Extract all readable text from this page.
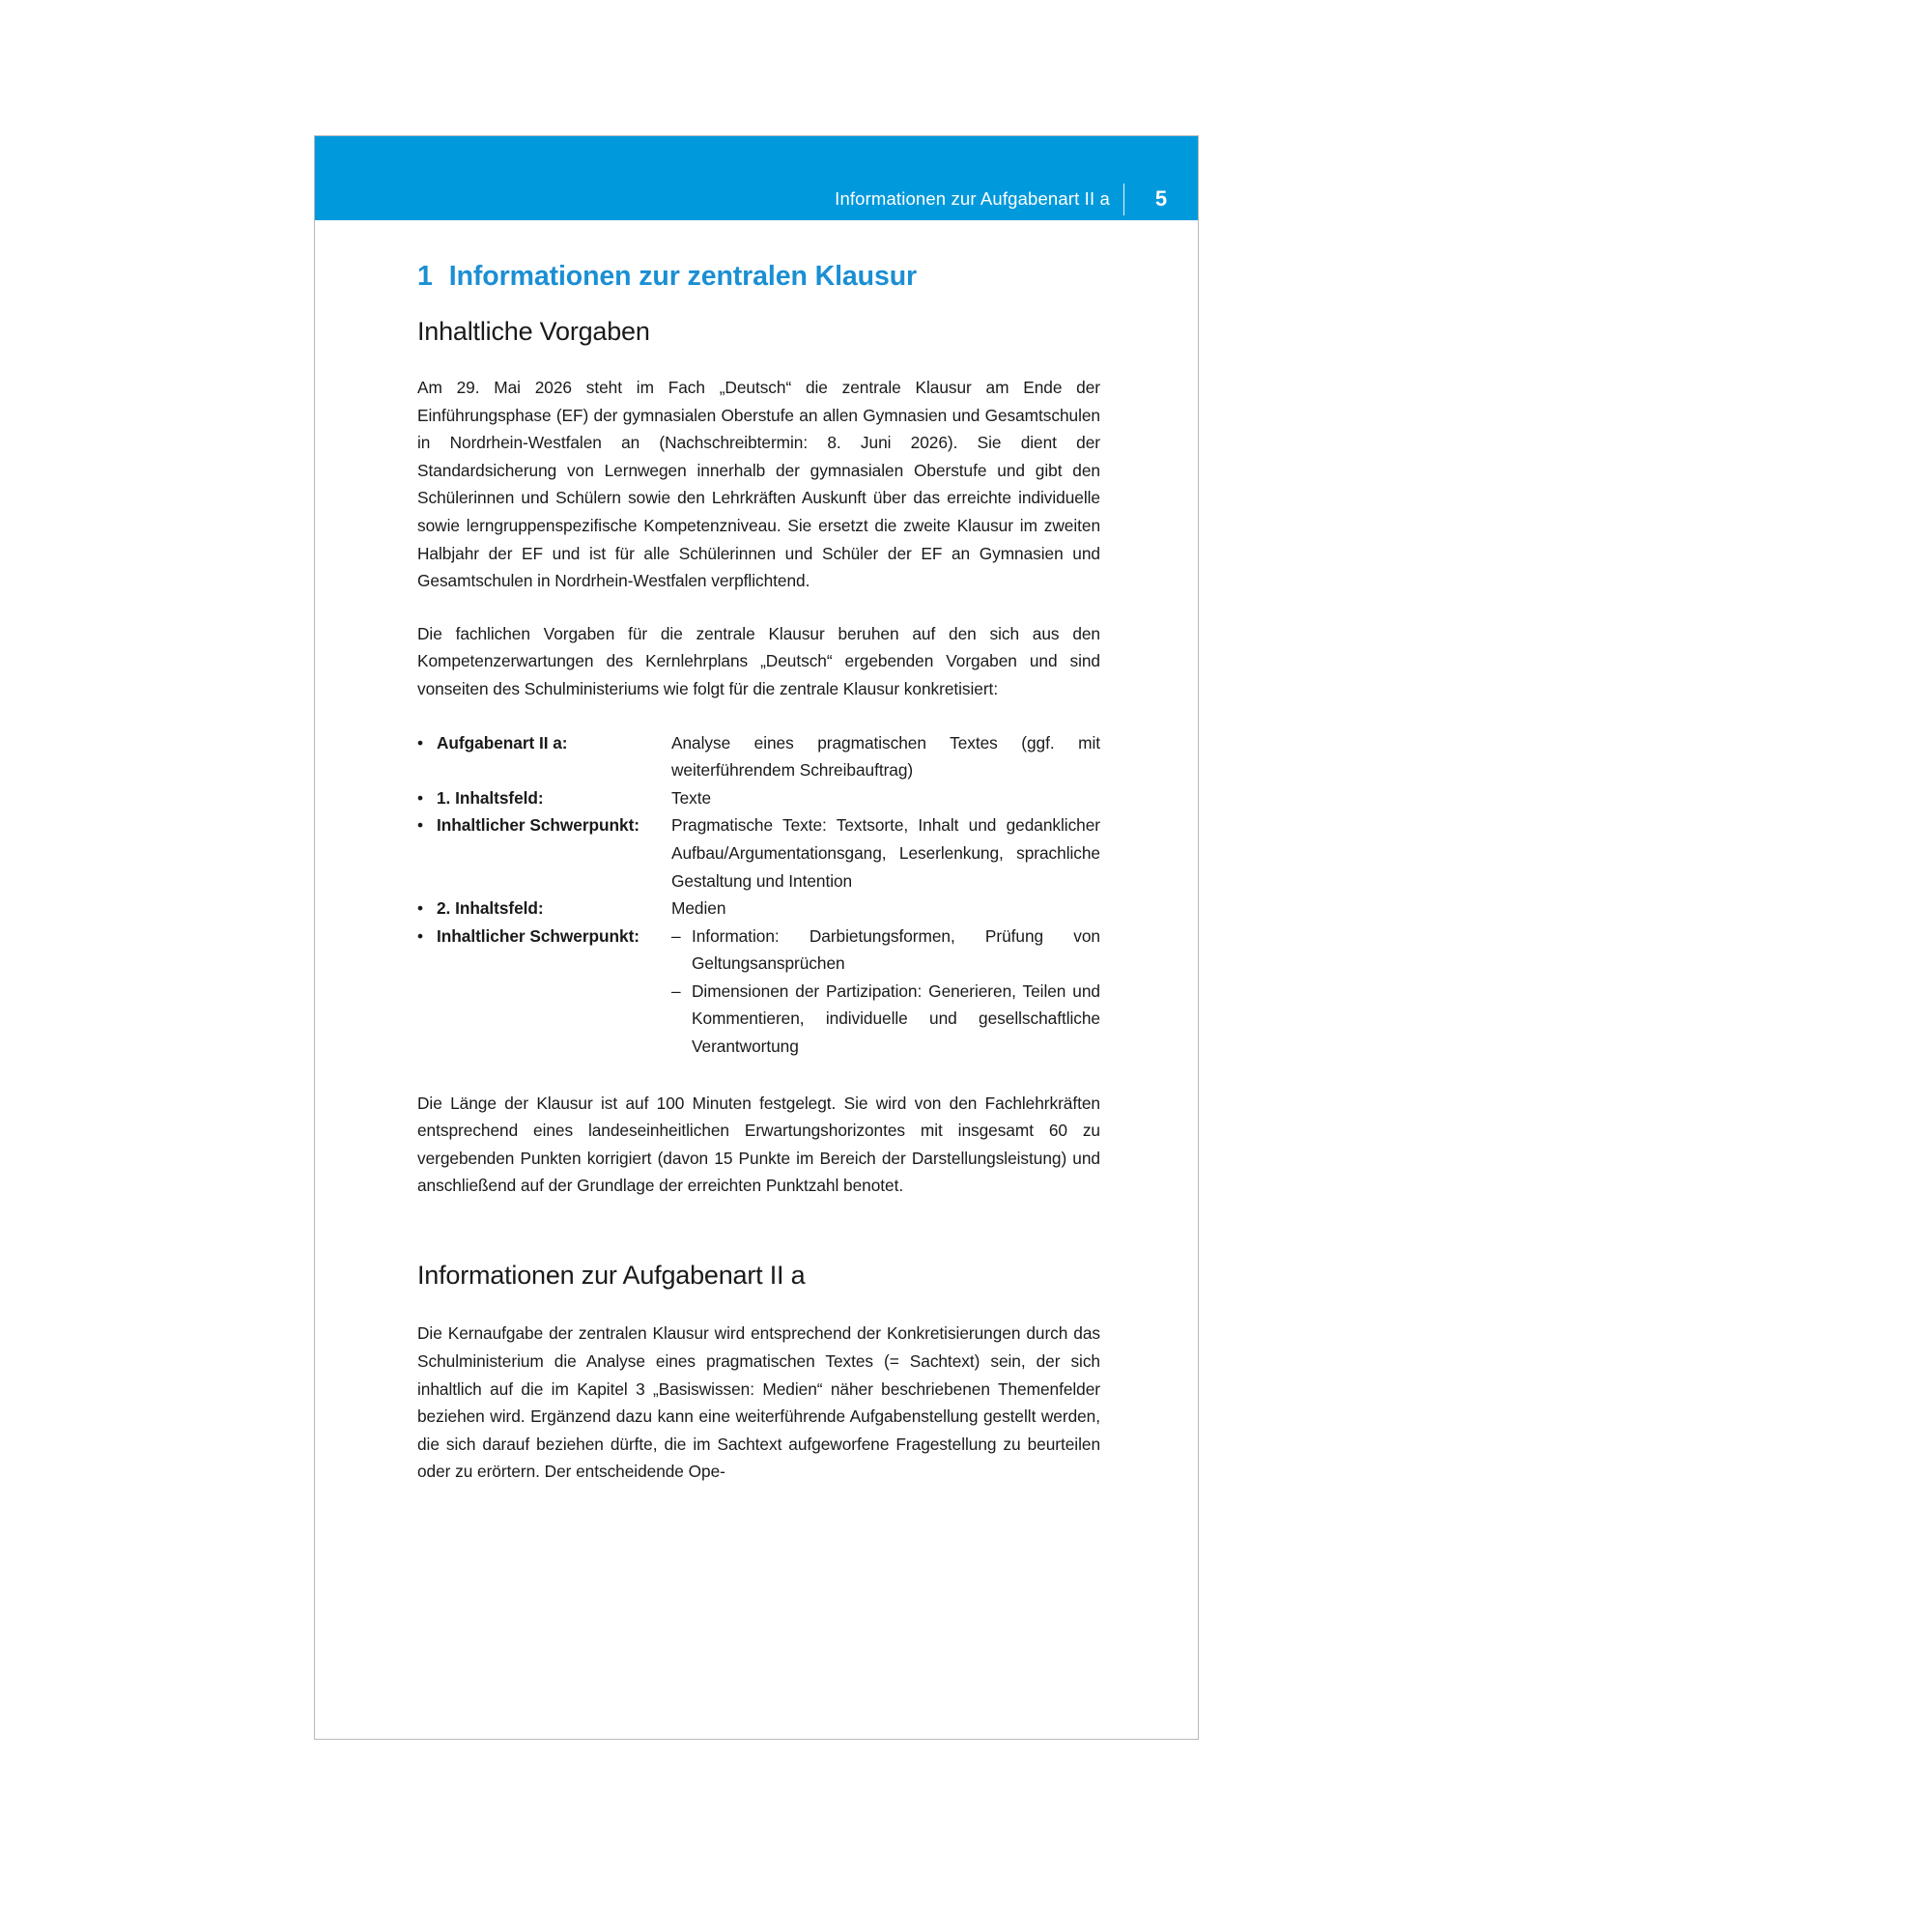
Informationen zur Aufgabenart II a	5
1 Informationen zur zentralen Klausur
Inhaltliche Vorgaben

Am 29. Mai 2026 steht im Fach „Deutsch“ die zentrale Klausur am Ende der Einführungsphase (EF) der gymnasialen Oberstufe an allen Gymnasien und Gesamtschulen in Nordrhein-Westfalen an (Nachschreibtermin: 8. Juni 2026). Sie dient der Standardsicherung von Lernwegen innerhalb der gymnasialen Oberstufe und gibt den Schülerinnen und Schülern sowie den Lehrkräften Auskunft über das erreichte individuelle sowie lerngruppenspezifische Kompetenzniveau. Sie ersetzt die zweite Klausur im zweiten Halbjahr der EF und ist für alle Schülerinnen und Schüler der EF an Gymnasien und Gesamtschulen in Nordrhein-Westfalen verpflichtend.

Die fachlichen Vorgaben für die zentrale Klausur beruhen auf den sich aus den Kompetenzerwartungen des Kernlehrplans „Deutsch“ ergebenden Vorgaben und sind vonseiten des Schulministeriums wie folgt für die zentrale Klausur konkretisiert:

• Aufgabenart II a:	Analyse eines pragmatischen Textes (ggf. mit weiterführendem Schreibauftrag)
• 1. Inhaltsfeld:	Texte
• Inhaltlicher Schwerpunkt:	Pragmatische Texte: Textsorte, Inhalt und gedanklicher Aufbau/Argumentationsgang, Leserlenkung, sprachliche Gestaltung und Intention
• 2. Inhaltsfeld:	Medien
• Inhaltlicher Schwerpunkt:	– Information: Darbietungsformen, Prüfung von Geltungsansprüchen
– Dimensionen der Partizipation: Generieren, Teilen und Kommentieren, individuelle und gesellschaftliche Verantwortung

Die Länge der Klausur ist auf 100 Minuten festgelegt. Sie wird von den Fachlehrkräften entsprechend eines landeseinheitlichen Erwartungshorizontes mit insgesamt 60 zu vergebenden Punkten korrigiert (davon 15 Punkte im Bereich der Darstellungsleistung) und anschließend auf der Grundlage der erreichten Punktzahl benotet.

Informationen zur Aufgabenart II a

Die Kernaufgabe der zentralen Klausur wird entsprechend der Konkretisierungen durch das Schulministerium die Analyse eines pragmatischen Textes (= Sachtext) sein, der sich inhaltlich auf die im Kapitel 3 „Basiswissen: Medien“ näher beschriebenen Themenfelder beziehen wird. Ergänzend dazu kann eine weiterführende Aufgabenstellung gestellt werden, die sich darauf beziehen dürfte, die im Sachtext aufgeworfene Fragestellung zu beurteilen oder zu erörtern. Der entscheidende Ope-
